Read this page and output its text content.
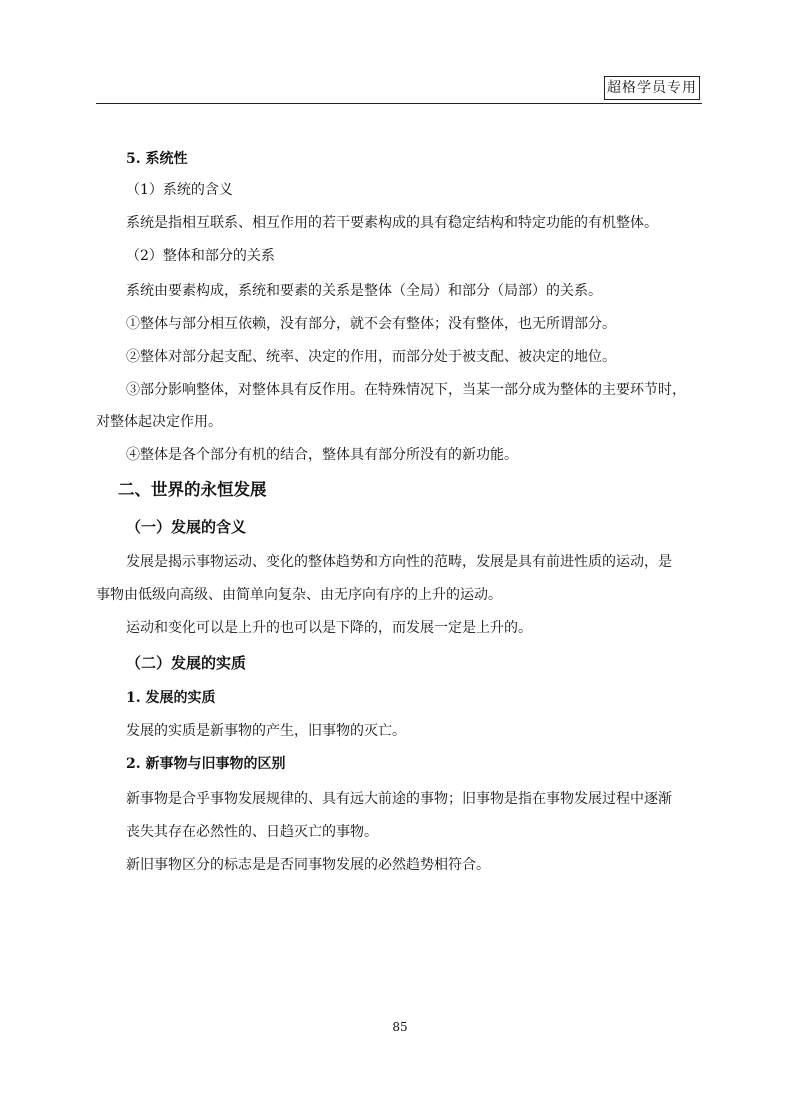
超格学员专用
5. 系统性
（1）系统的含义
系统是指相互联系、相互作用的若干要素构成的具有稳定结构和特定功能的有机整体。
（2）整体和部分的关系
系统由要素构成，系统和要素的关系是整体（全局）和部分（局部）的关系。
①整体与部分相互依赖，没有部分，就不会有整体；没有整体，也无所谓部分。
②整体对部分起支配、统率、决定的作用，而部分处于被支配、被决定的地位。
③部分影响整体，对整体具有反作用。在特殊情况下，当某一部分成为整体的主要环节时，
对整体起决定作用。
④整体是各个部分有机的结合，整体具有部分所没有的新功能。
二、世界的永恒发展
（一）发展的含义
发展是揭示事物运动、变化的整体趋势和方向性的范畴，发展是具有前进性质的运动，是
事物由低级向高级、由简单向复杂、由无序向有序的上升的运动。
运动和变化可以是上升的也可以是下降的，而发展一定是上升的。
（二）发展的实质
1. 发展的实质
发展的实质是新事物的产生，旧事物的灭亡。
2. 新事物与旧事物的区别
新事物是合乎事物发展规律的、具有远大前途的事物；旧事物是指在事物发展过程中逐渐
丧失其存在必然性的、日趋灭亡的事物。
新旧事物区分的标志是是否同事物发展的必然趋势相符合。
85
